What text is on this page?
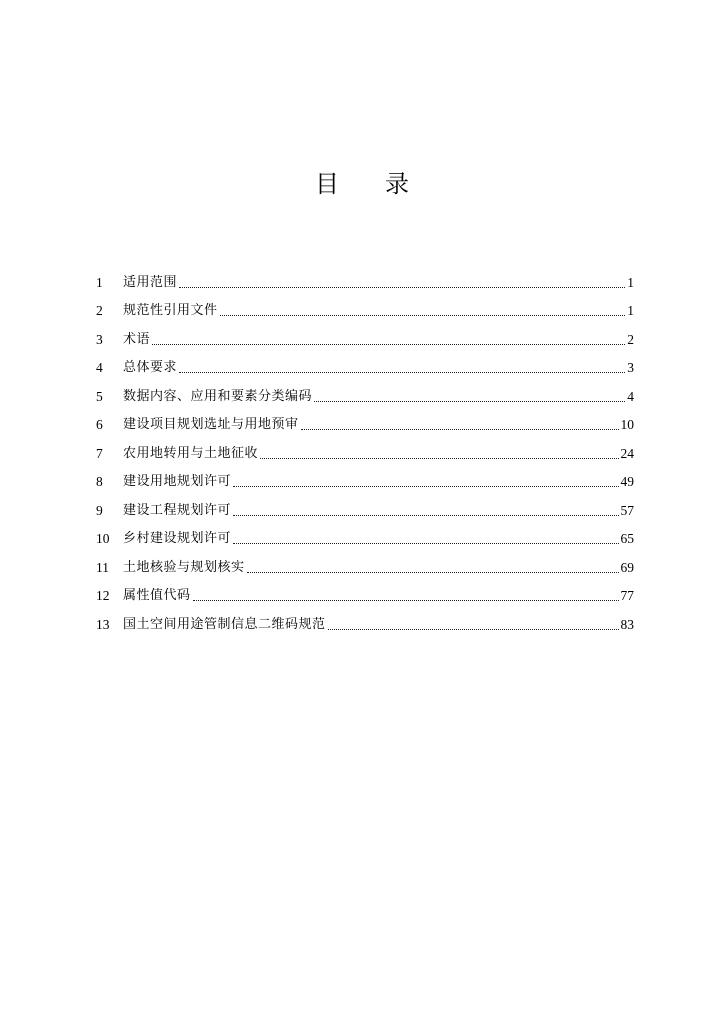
目 录
1	适用范围	1
2	规范性引用文件	1
3	术语	2
4	总体要求	3
5	数据内容、应用和要素分类编码	4
6	建设项目规划选址与用地预审	10
7	农用地转用与土地征收	24
8	建设用地规划许可	49
9	建设工程规划许可	57
10	乡村建设规划许可	65
11	土地核验与规划核实	69
12	属性值代码	77
13	国土空间用途管制信息二维码规范	83
